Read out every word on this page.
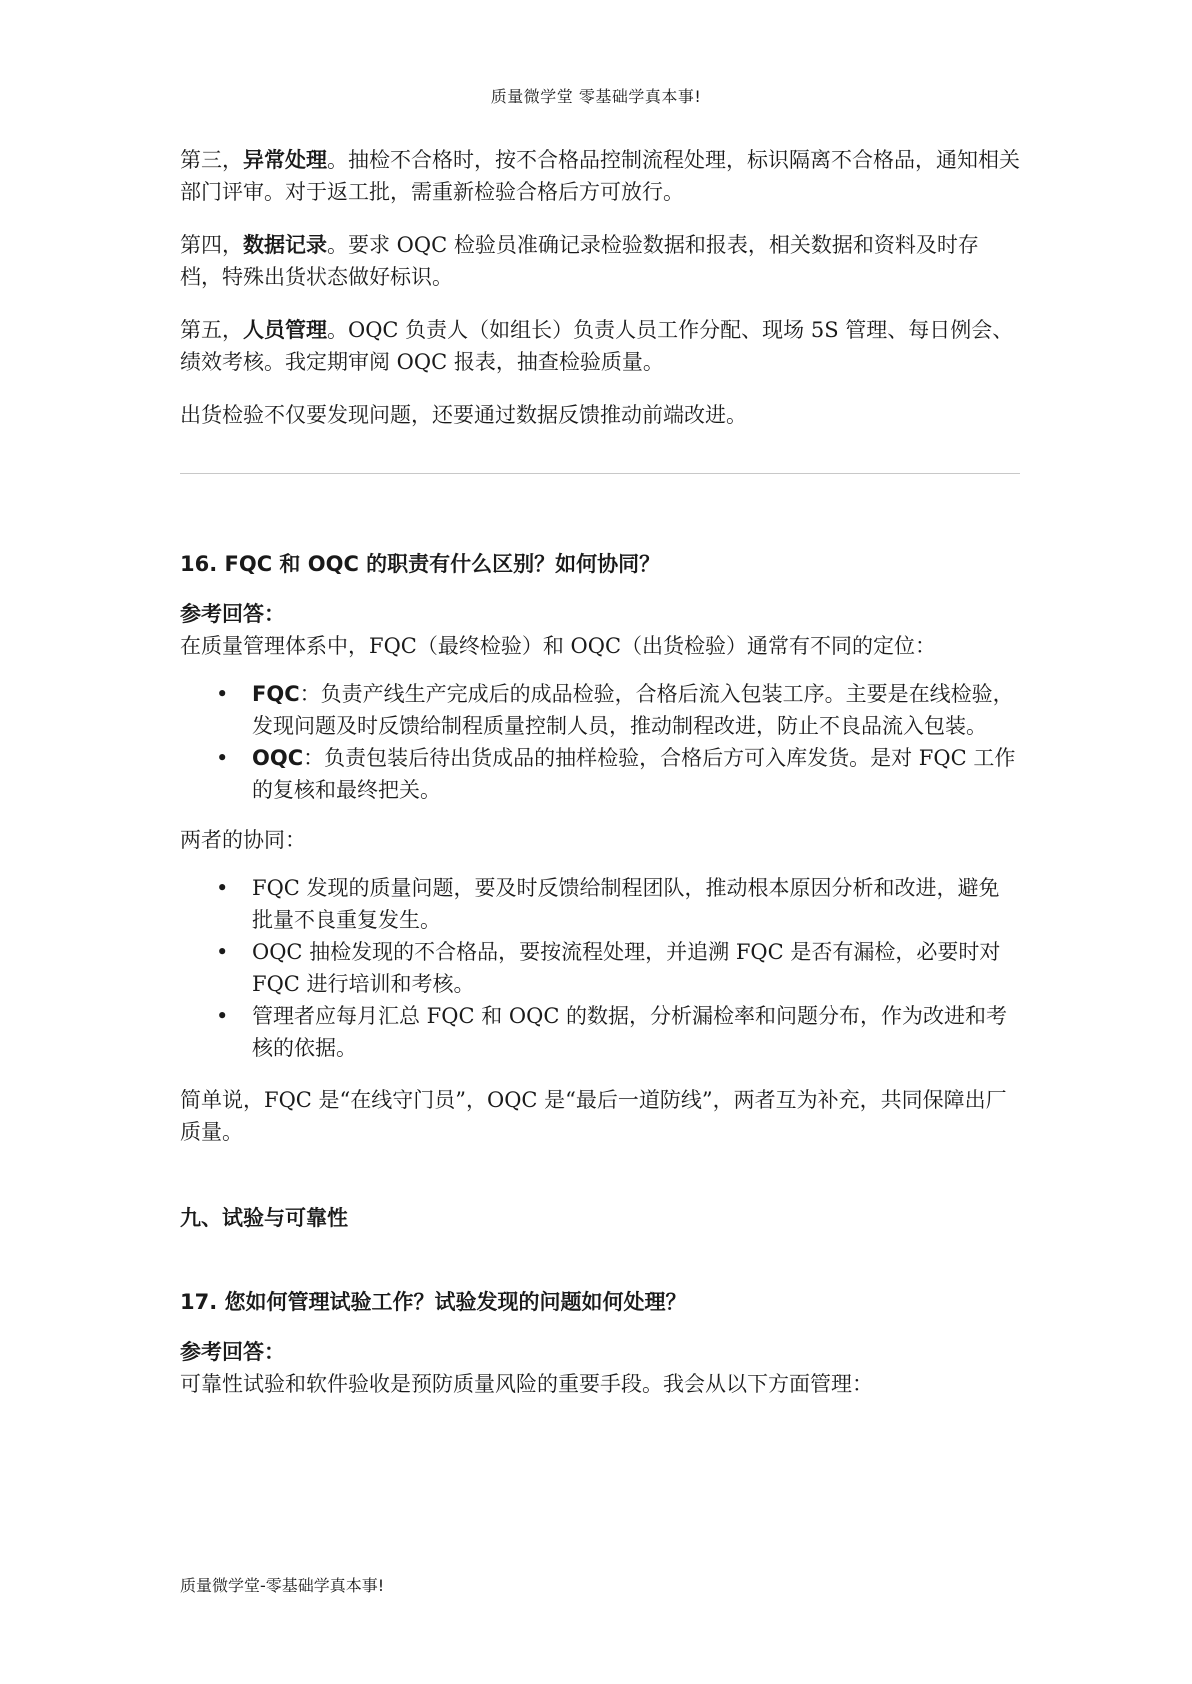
质量微学堂 零基础学真本事!

第三，异常处理。抽检不合格时，按不合格品控制流程处理，标识隔离不合格品，通知相关部门评审。对于返工批，需重新检验合格后方可放行。

第四，数据记录。要求 OQC 检验员准确记录检验数据和报表，相关数据和资料及时存档，特殊出货状态做好标识。

第五，人员管理。OQC 负责人（如组长）负责人员工作分配、现场 5S 管理、每日例会、绩效考核。我定期审阅 OQC 报表，抽查检验质量。

出货检验不仅要发现问题，还要通过数据反馈推动前端改进。

16. FQC 和 OQC 的职责有什么区别？如何协同？

参考回答：

在质量管理体系中，FQC（最终检验）和 OQC（出货检验）通常有不同的定位：

• FQC：负责产线生产完成后的成品检验，合格后流入包装工序。主要是在线检验，发现问题及时反馈给制程质量控制人员，推动制程改进，防止不良品流入包装。
• OQC：负责包装后待出货成品的抽样检验，合格后方可入库发货。是对 FQC 工作的复核和最终把关。

两者的协同：

• FQC 发现的质量问题，要及时反馈给制程团队，推动根本原因分析和改进，避免批量不良重复发生。
• OQC 抽检发现的不合格品，要按流程处理，并追溯 FQC 是否有漏检，必要时对 FQC 进行培训和考核。
• 管理者应每月汇总 FQC 和 OQC 的数据，分析漏检率和问题分布，作为改进和考核的依据。

简单说，FQC 是“在线守门员”，OQC 是“最后一道防线”，两者互为补充，共同保障出厂质量。

九、试验与可靠性

17. 您如何管理试验工作？试验发现的问题如何处理？

参考回答：

可靠性试验和软件验收是预防质量风险的重要手段。我会从以下方面管理：

质量微学堂-零基础学真本事!
